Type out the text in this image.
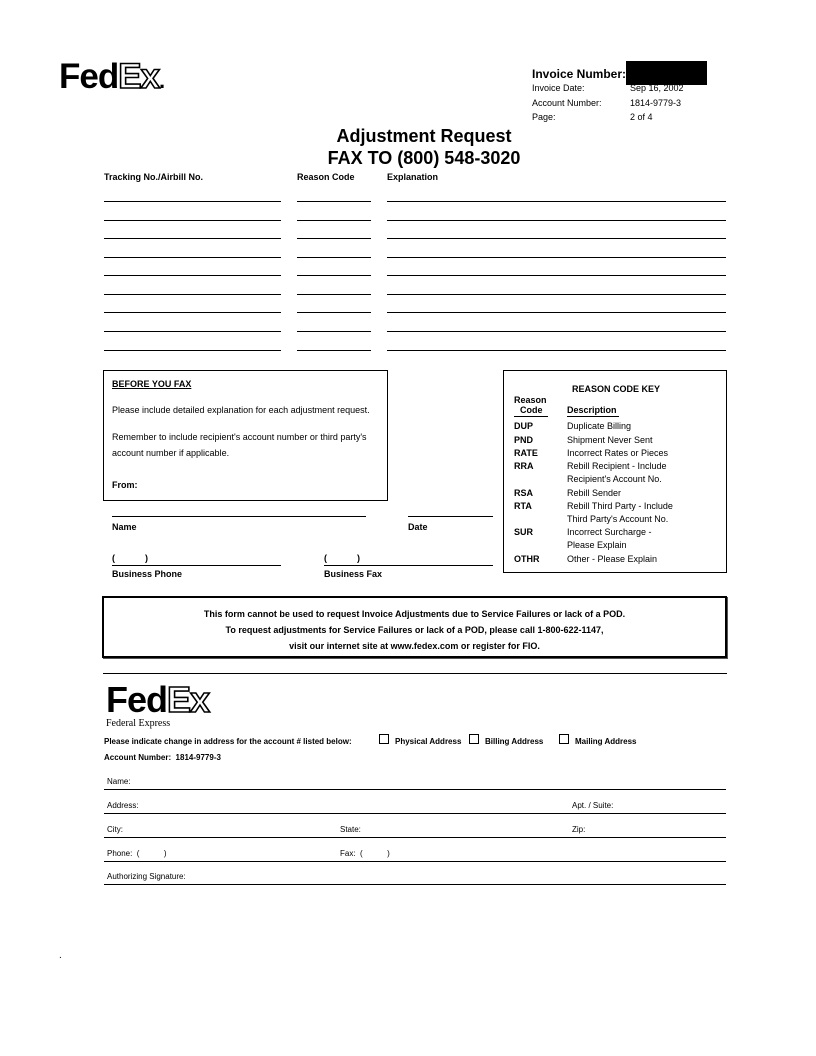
FedEx.	Invoice Number:
Invoice Date:	Sep 16, 2002
Account Number:	1814-9779-3
Page:	2 of 4
Adjustment Request
FAX TO (800) 548-3020
Tracking No./Airbill No.	Reason Code	Explanation
BEFORE YOU FAX
Please include detailed explanation for each adjustment request.
Remember to include recipient's account number or third party's
account number if applicable.
From:
Name	Date
(            )	(            )
Business Phone	Business Fax
REASON CODE KEY
Reason
Code	Description
DUP	Duplicate Billing
PND	Shipment Never Sent
RATE	Incorrect Rates or Pieces
RRA	Rebill Recipient - Include
Recipient's Account No.
RSA	Rebill Sender
RTA	Rebill Third Party - Include
Third Party's Account No.
SUR	Incorrect Surcharge -
Please Explain
OTHR	Other - Please Explain
This form cannot be used to request Invoice Adjustments due to Service Failures or lack of a POD.
To request adjustments for Service Failures or lack of a POD, please call 1-800-622-1147,
visit our internet site at www.fedex.com or register for FIO.
FedEx
Federal Express
Please indicate change in address for the account # listed below:	Physical Address	Billing Address	Mailing Address
Account Number:  1814-9779-3
Name:
Address:	Apt. / Suite:
City:	State:	Zip:
Phone:  (           )	Fax:  (           )
Authorizing Signature:
.
